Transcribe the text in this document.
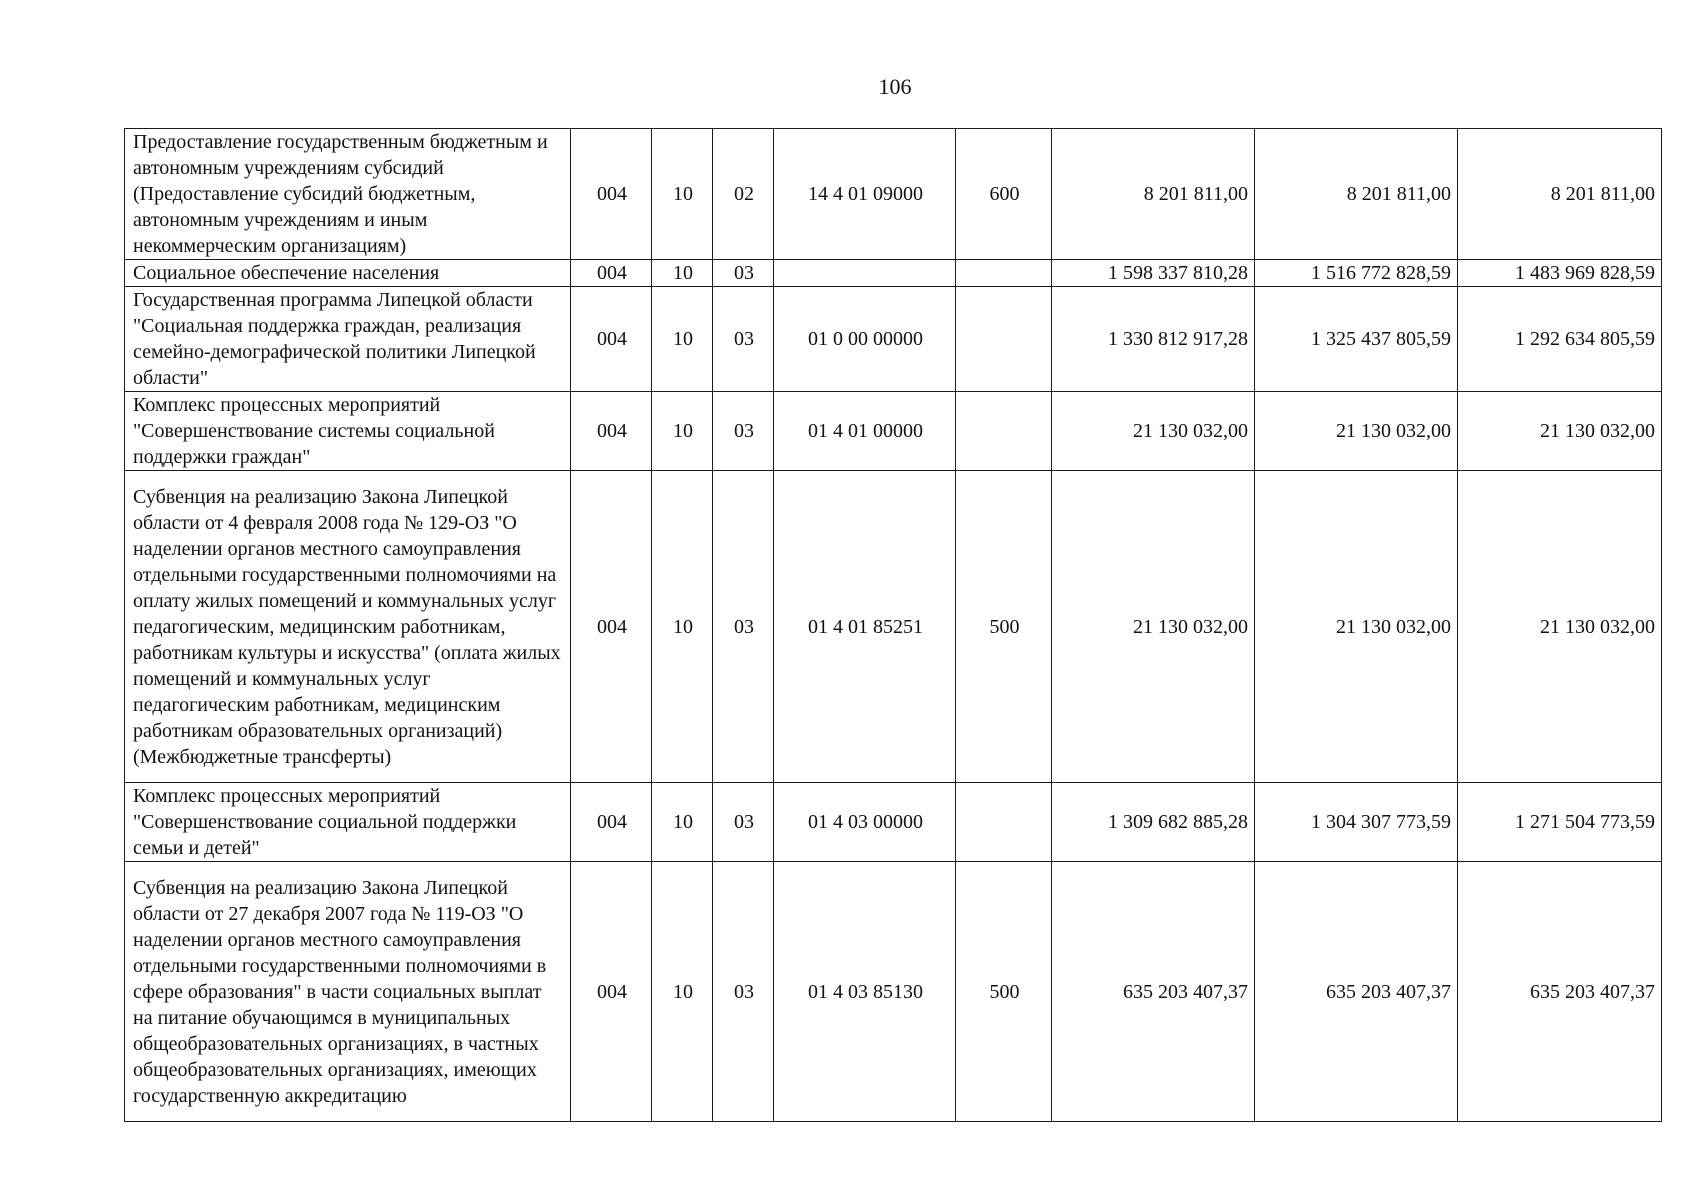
106
Предоставление государственным бюджетным и автономным учреждениям субсидий (Предоставление субсидий бюджетным, автономным учреждениям и иным некоммерческим организациям)	004	10	02	14 4 01 09000	600	8 201 811,00	8 201 811,00	8 201 811,00
Социальное обеспечение населения	004	10	03			1 598 337 810,28	1 516 772 828,59	1 483 969 828,59
Государственная программа Липецкой области "Социальная поддержка граждан, реализация семейно-демографической политики Липецкой области"	004	10	03	01 0 00 00000		1 330 812 917,28	1 325 437 805,59	1 292 634 805,59
Комплекс процессных мероприятий "Совершенствование системы социальной поддержки граждан"	004	10	03	01 4 01 00000		21 130 032,00	21 130 032,00	21 130 032,00
Субвенция на реализацию Закона Липецкой области от 4 февраля 2008 года № 129-ОЗ "О наделении органов местного самоуправления отдельными государственными полномочиями на оплату жилых помещений и коммунальных услуг педагогическим, медицинским работникам, работникам культуры и искусства" (оплата жилых помещений и коммунальных услуг педагогическим работникам, медицинским работникам образовательных организаций) (Межбюджетные трансферты)	004	10	03	01 4 01 85251	500	21 130 032,00	21 130 032,00	21 130 032,00
Комплекс процессных мероприятий "Совершенствование социальной поддержки семьи и детей"	004	10	03	01 4 03 00000		1 309 682 885,28	1 304 307 773,59	1 271 504 773,59
Субвенция на реализацию Закона Липецкой области от 27 декабря 2007 года № 119-ОЗ "О наделении органов местного самоуправления отдельными государственными полномочиями в сфере образования" в части социальных выплат на питание обучающимся в муниципальных общеобразовательных организациях, в частных общеобразовательных организациях, имеющих государственную аккредитацию	004	10	03	01 4 03 85130	500	635 203 407,37	635 203 407,37	635 203 407,37
